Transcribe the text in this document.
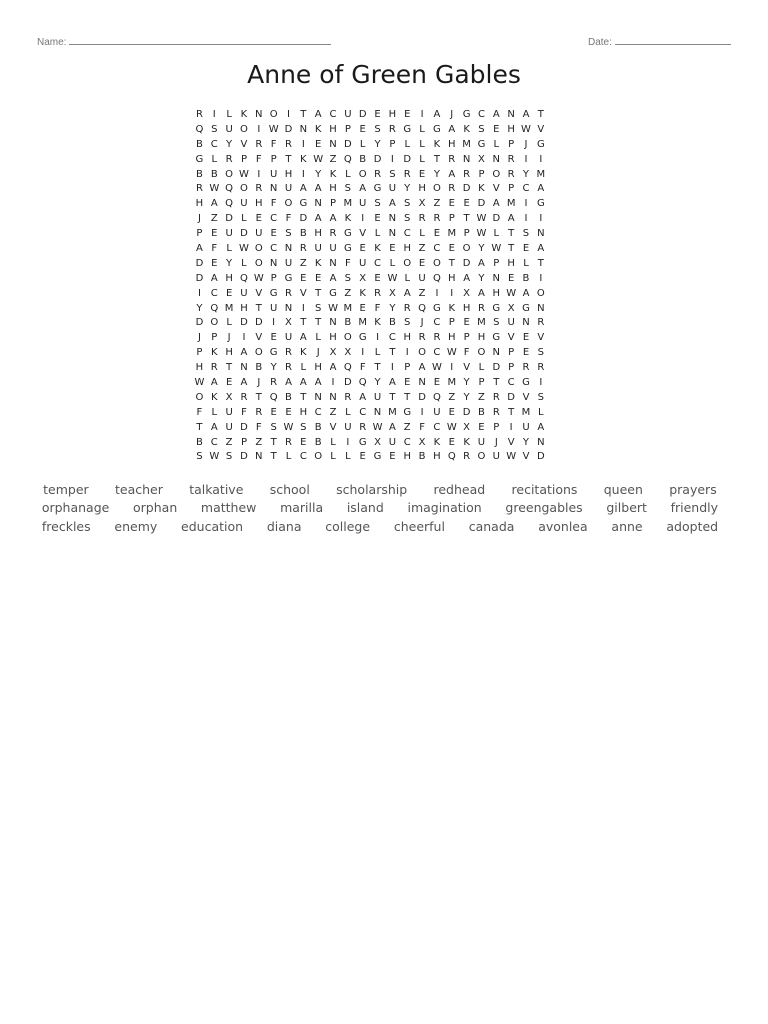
Name:	Date:
Anne of Green Gables
R I	L K N O I	T A C U D E H E	I A J G C A N A T
Q S U O I W D N K H P E S R G L G A K S E H W V
B C Y V R F R I	E N D L Y P L L K H M G L P	J G
G L R P F P T K W Z Q B D I D L T R N X N R I	I
B B O W I U H I	Y K L O R S R E Y A R P O R Y M
R W Q O R N U A A H S A G U Y H O R D K V P C A
H A Q U H F O G N P M U S A S X Z E E D A M I G
J Z D L E C F D A A K	I	E N S R R P T W D A I	I
P E U D U E S B H R G V L N C L E M P W L T S N
A F L W O C N R U U G E K E H Z C E O Y W T E A
D E Y L O N U Z K N F U C L O E O T D A P H L T
D A H Q W P G E E A S X E W L U Q H A Y N E B I
I C E U V G R V T G Z K R X A Z I	I X A H W A O
Y Q M H T U N I	S W M E F Y R Q G K H R G X G N
D O L D D I X T T N B M K B S	J C P E M S U N R
J	P	J	I V E U A L H O G I C H R R H P H G V E V
P K H A O G R K	J X X I	L T	I O C W F O N P E S
H R T N B Y R L H A Q F T	I	P A W I V L D P R R
W A E A J R A A A I D Q Y A E N E M Y P T C G I
O K X R T Q B T N N R A U T T D Q Z Y Z R D V S
F L U F R E E H C Z L C N M G I U E D B R T M L
T A U D F S W S B V U R W A Z F C W X E P	I U A
B C Z P Z T R E B L	I G X U C X K E K U J V Y N
S W S D N T L C O L L E G E H B H Q R O U W V D
temper teacher talkative school scholarship redhead recitations queen prayers
orphanage orphan matthew marilla island imagination greengables gilbert friendly
freckles enemy education diana college cheerful canada avonlea anne adopted
